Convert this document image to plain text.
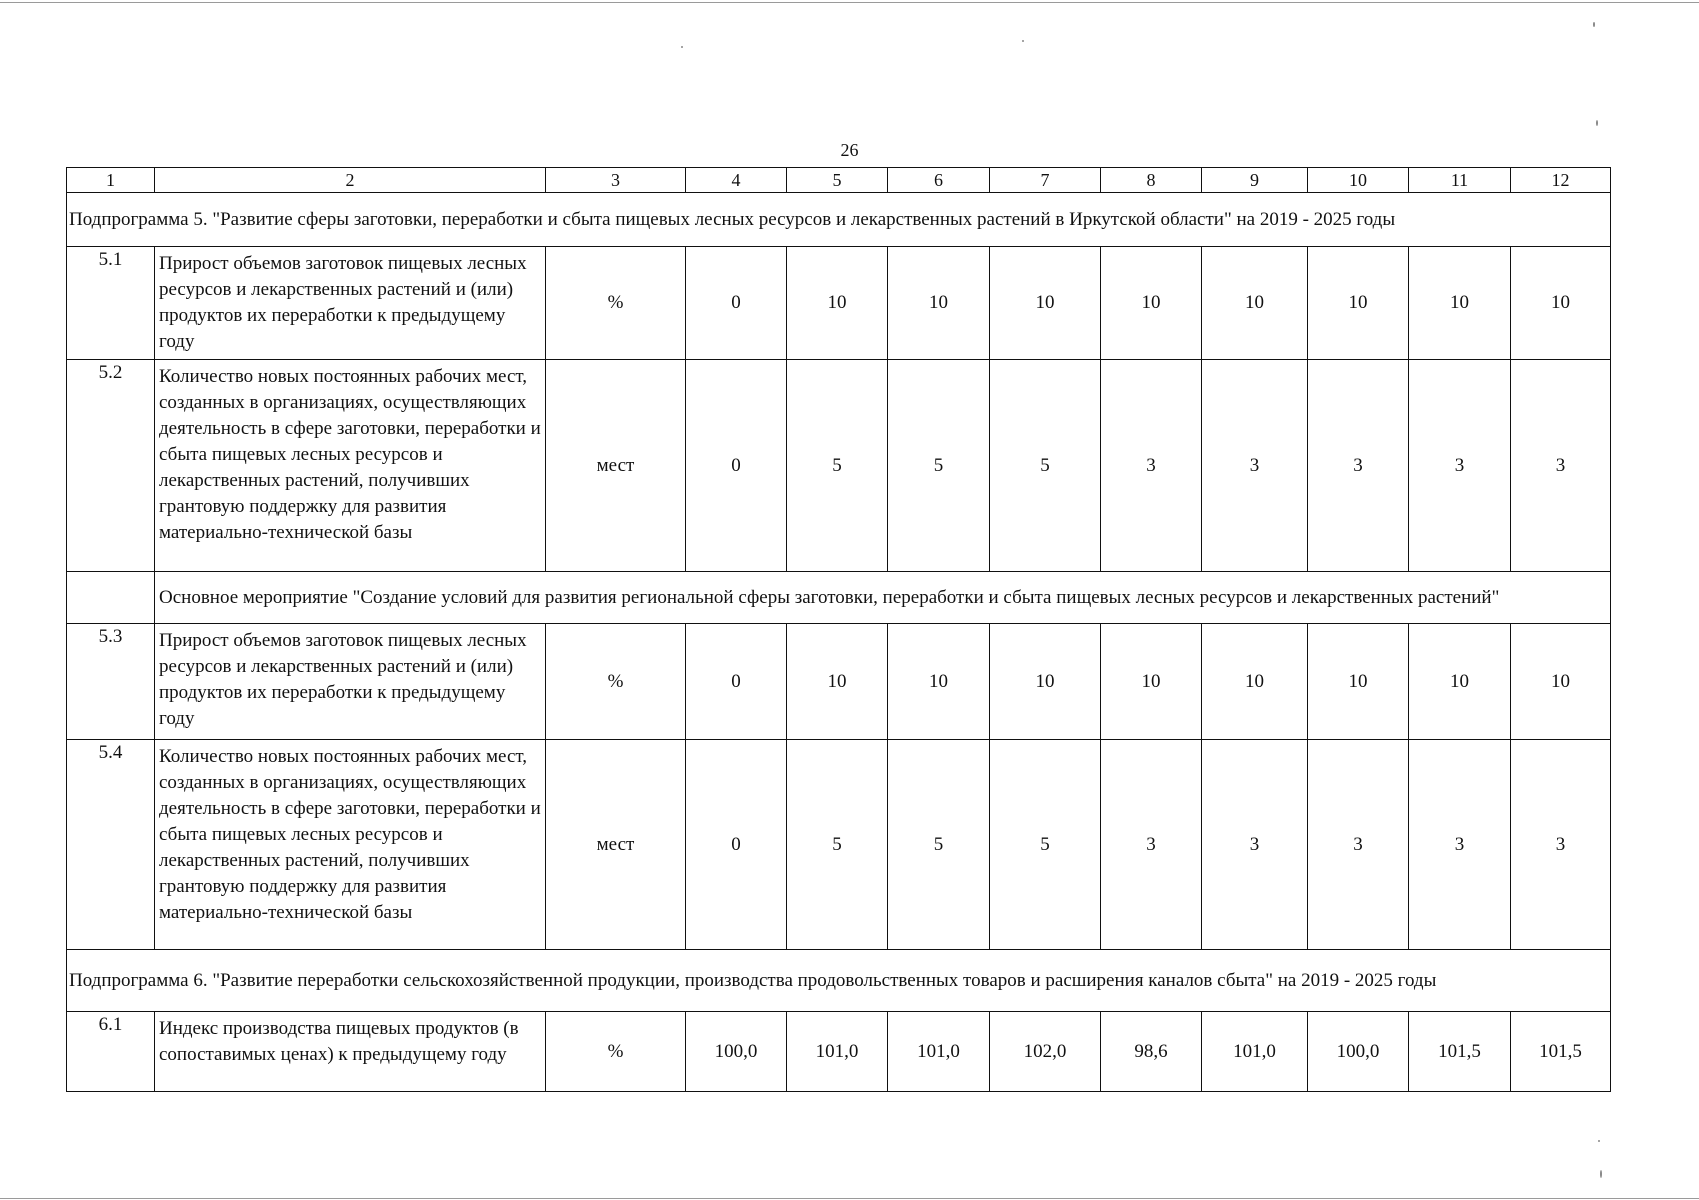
26
1	2	3	4	5	6	7	8	9	10	11	12
Подпрограмма 5. "Развитие сферы заготовки, переработки и сбыта пищевых лесных ресурсов и лекарственных растений в Иркутской области" на 2019 - 2025 годы											
5.1	Прирост объемов заготовок пищевых лесных ресурсов и лекарственных растений и (или) продуктов их переработки к предыдущему году	%	0	10	10	10	10	10	10	10	10
5.2	Количество новых постоянных рабочих мест, созданных в организациях, осуществляющих деятельность в сфере заготовки, переработки и сбыта пищевых лесных ресурсов и лекарственных растений, получивших грантовую поддержку для развития материально-технической базы	мест	0	5	5	5	3	3	3	3	3
	Основное мероприятие "Создание условий для развития региональной сферы заготовки, переработки и сбыта пищевых лесных ресурсов и лекарственных растений"										
5.3	Прирост объемов заготовок пищевых лесных ресурсов и лекарственных растений и (или) продуктов их переработки к предыдущему году	%	0	10	10	10	10	10	10	10	10
5.4	Количество новых постоянных рабочих мест, созданных в организациях, осуществляющих деятельность в сфере заготовки, переработки и сбыта пищевых лесных ресурсов и лекарственных растений, получивших грантовую поддержку для развития материально-технической базы	мест	0	5	5	5	3	3	3	3	3
Подпрограмма 6. "Развитие переработки сельскохозяйственной продукции, производства продовольственных товаров и расширения каналов сбыта" на 2019 - 2025 годы											
6.1	Индекс производства пищевых продуктов (в сопоставимых ценах) к предыдущему году	%	100,0	101,0	101,0	102,0	98,6	101,0	100,0	101,5	101,5
